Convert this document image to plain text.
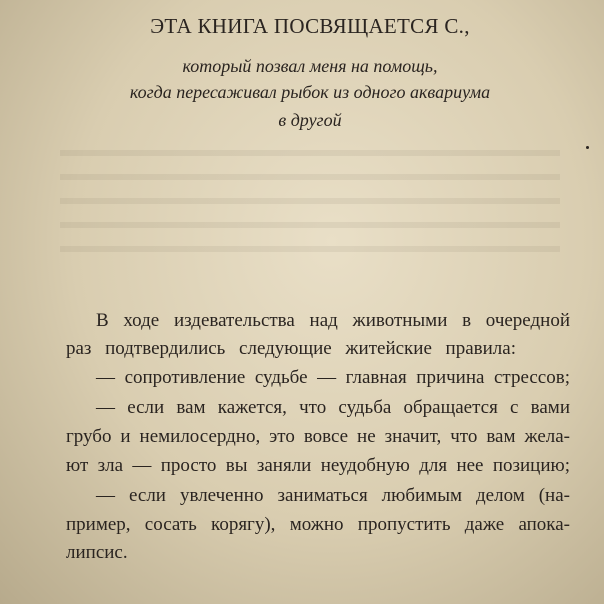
ЭТА КНИГА ПОСВЯЩАЕТСЯ С.,
который позвал меня на помощь,
когда пересаживал рыбок из одного аквариума
в другой
В ходе издевательства над животными в очередной
раз подтвердились следующие житейские правила:
— сопротивление судьбе — главная причина стрессов;
— если вам кажется, что судьба обращается с вами
грубо и немилосердно, это вовсе не значит, что вам жела-
ют зла — просто вы заняли неудобную для нее позицию;
— если увлеченно заниматься любимым делом (на-
пример, сосать корягу), можно пропустить даже апока-
липсис.
